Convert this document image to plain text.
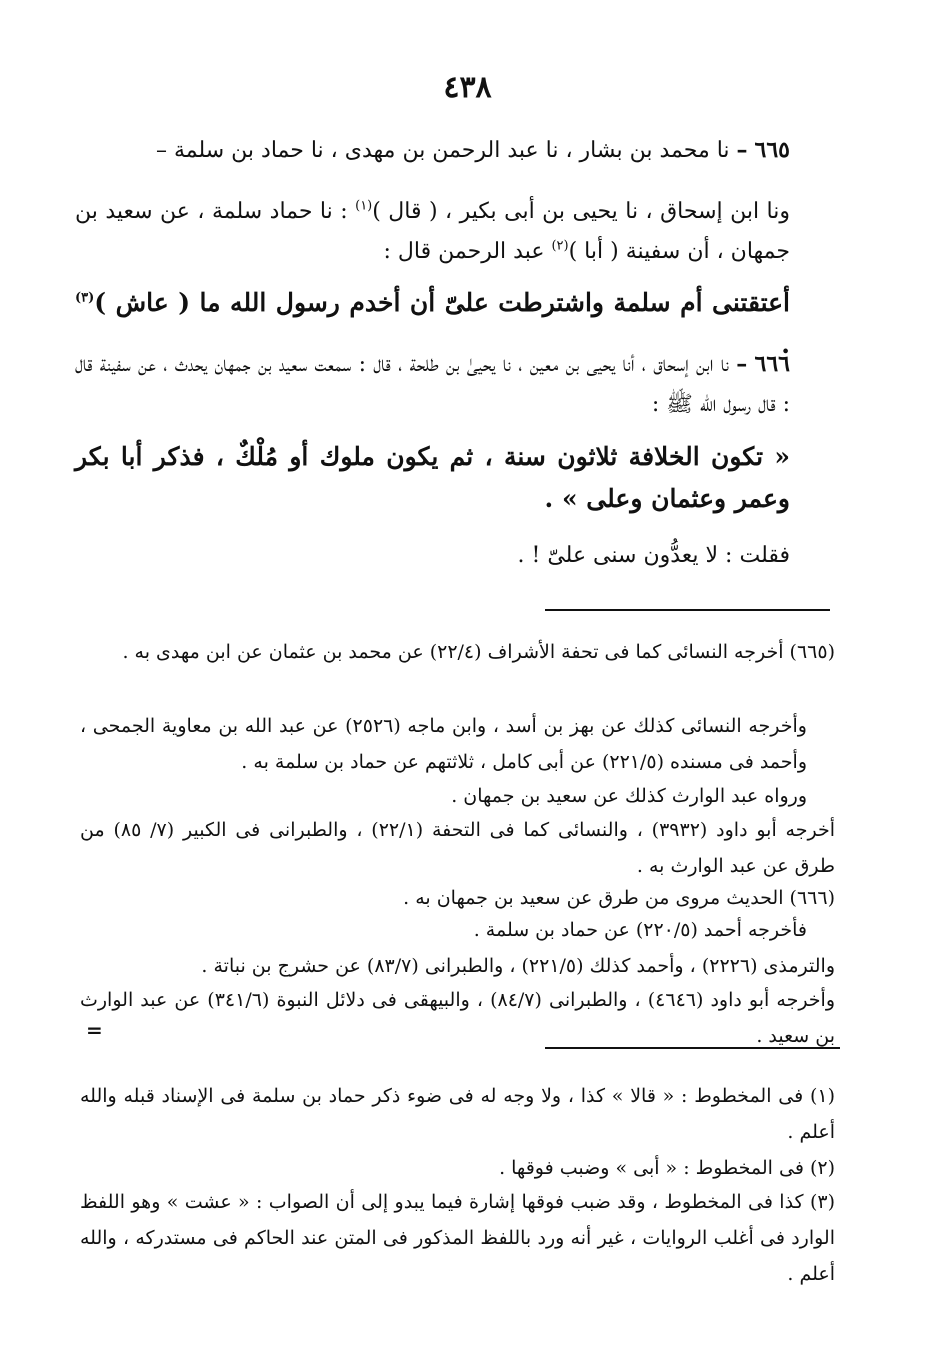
٤٣٨
٦٦٥ – نا محمد بن بشار ، نا عبد الرحمن بن مهدى ، نا حماد بن سلمة –
ونا ابن إسحاق ، نا يحيى بن أبى بكير ، ( قال )$^{(١)}$ : نا حماد سلمة ، عن سعيد بن جمهان ، أن سفينة ( أبا )$^{(٢)}$ عبد الرحمن قال :
أعتقتنى أم سلمة واشترطت علىّ أن أخدم رسول الله ما ( عاش )$^{(٣)}$ .
٦٦٦ – نا ابن إسحاق ، أنا يحيى بن معين ، نا يحيىٰ بن طلحة ، قال : سمعت سعيد بن جمهان يحدث ، عن سفينة قال : قال رسول الله ﷺ :
« تكون الخلافة ثلاثون سنة ، ثم يكون ملوك أو مُلْكٌ ، فذكر أبا بكر وعمر وعثمان وعلى » .
فقلت : لا يعدُّون سنى علىّ ! .
(٦٦٥) أخرجه النسائى كما فى تحفة الأشراف (٢٢/٤) عن محمد بن عثمان عن ابن مهدى به .
وأخرجه النسائى كذلك عن بهز بن أسد ، وابن ماجه (٢٥٢٦) عن عبد الله بن معاوية الجمحى ، وأحمد فى مسنده (٢٢١/٥) عن أبى كامل ، ثلاثتهم عن حماد بن سلمة به .
ورواه عبد الوارث كذلك عن سعيد بن جمهان .
أخرجه أبو داود (٣٩٣٢) ، والنسائى كما فى التحفة (٢٢/١) ، والطبرانى فى الكبير (٧/ ٨٥) من طرق عن عبد الوارث به .
(٦٦٦) الحديث مروى من طرق عن سعيد بن جمهان به .
فأخرجه أحمد (٢٢٠/٥) عن حماد بن سلمة .
والترمذى (٢٢٢٦) ، وأحمد كذلك (٢٢١/٥) ، والطبرانى (٨٣/٧) عن حشرج بن نباتة .
وأخرجه أبو داود (٤٦٤٦) ، والطبرانى (٨٤/٧) ، والبيهقى فى دلائل النبوة (٣٤١/٦) عن عبد الوارث بن سعيد .
=
(١) فى المخطوط : « قالا » كذا ، ولا وجه له فى ضوء ذكر حماد بن سلمة فى الإسناد قبله والله أعلم .
(٢) فى المخطوط : « أبى » وضبب فوقها .
(٣) كذا فى المخطوط ، وقد ضبب فوقها إشارة فيما يبدو إلى أن الصواب : « عشت » وهو اللفظ الوارد فى أغلب الروايات ، غير أنه ورد باللفظ المذكور فى المتن عند الحاكم فى مستدركه ، والله أعلم .
